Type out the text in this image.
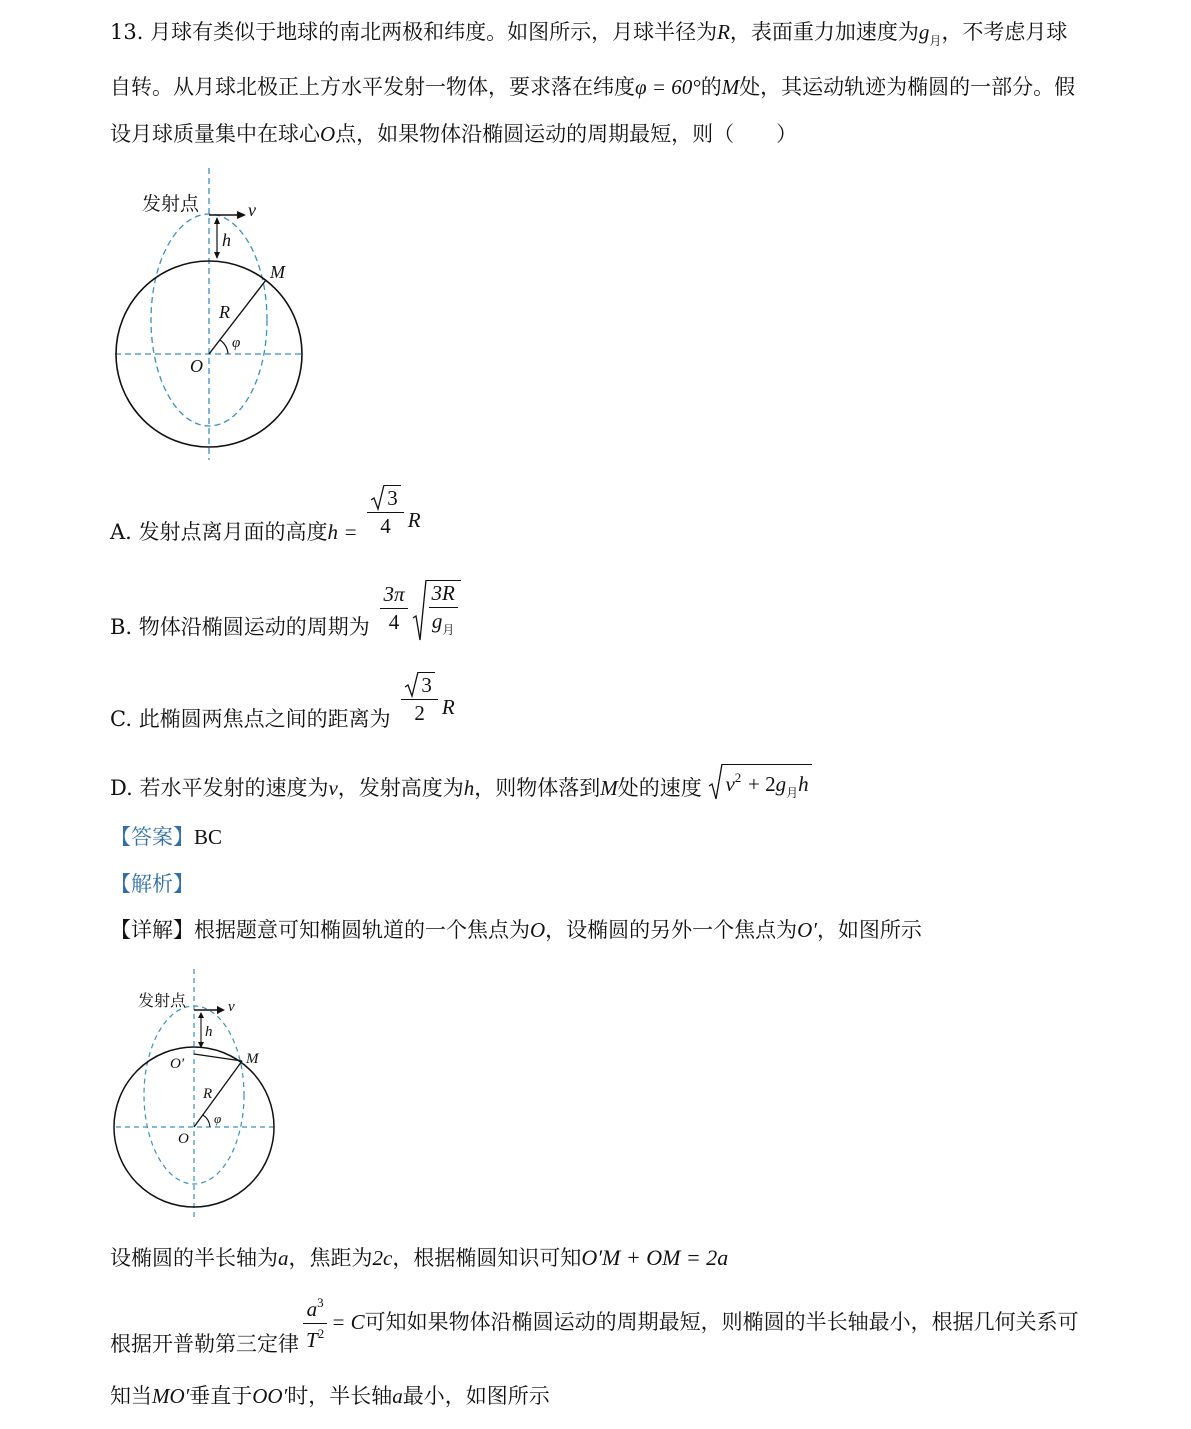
13. 月球有类似于地球的南北两极和纬度。如图所示，月球半径为R，表面重力加速度为$g_月$，不考虑月球
自转。从月球北极正上方水平发射一物体，要求落在纬度φ = 60°的M处，其运动轨迹为椭圆的一部分。假
设月球质量集中在球心O点，如果物体沿椭圆运动的周期最短，则（　　）
发射点	v
h
M
R
φ
O
A. 发射点离月面的高度$h = \frac{3}{4}$ R
B. 物体沿椭圆运动的周期为 $\frac{3\pi}{4} \frac{3R}{g_月}$
C. 此椭圆两焦点之间的距离为 $\frac{3}{2}$ R
D. 若水平发射的速度为v，发射高度为h，则物体落到M处的速度 $v^2 + 2g_月h$
【答案】BC
【解析】
【详解】根据题意可知椭圆轨道的一个焦点为O，设椭圆的另外一个焦点为O′，如图所示
发射点	v
h
O′	M
R
φ
O
设椭圆的半长轴为a，焦距为2c，根据椭圆知识可知O′M + OM = 2a
根据开普勒第三定律 $\frac{a^3}{T^2} = C$可知如果物体沿椭圆运动的周期最短，则椭圆的半长轴最小，根据几何关系可
知当MO′垂直于OO′时，半长轴a最小，如图所示
